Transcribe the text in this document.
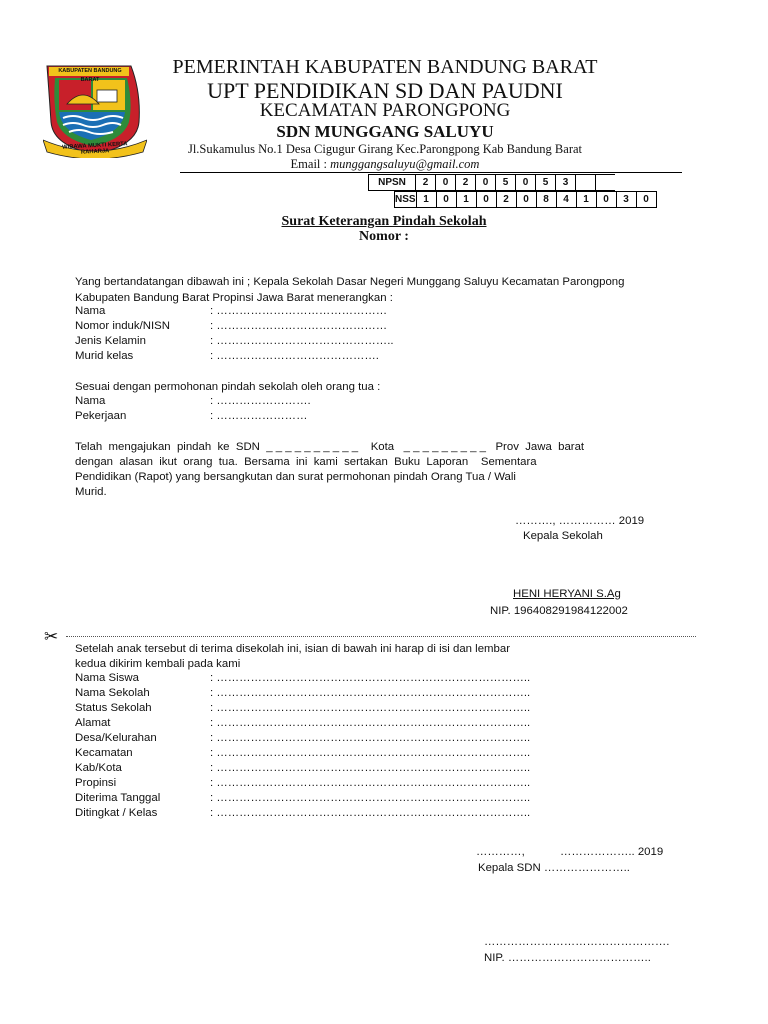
KABUPATEN BANDUNG BARAT
WIBAWA MUKTI KERTA RAHARJA
PEMERINTAH KABUPATEN BANDUNG BARAT
UPT PENDIDIKAN SD DAN PAUDNI
KECAMATAN PARONGPONG
SDN MUNGGANG SALUYU
Jl.Sukamulus No.1 Desa Cigugur Girang Kec.Parongpong Kab Bandung Barat
Email : munggangsaluyu@gmail.com
NPSN	2	0	2	0	5	0	5	3		
NSS	1	0	1	0	2	0	8	4	1	0	3	0
Surat Keterangan Pindah Sekolah
Nomor :
Yang bertandatangan dibawah ini ; Kepala Sekolah Dasar Negeri Munggang Saluyu Kecamatan Parongpong Kabupaten Bandung Barat Propinsi Jawa Barat menerangkan :
Nama	: ………………………………………
Nomor induk/NISN	: ………………………………………
Jenis Kelamin	: ………………………………………..
Murid kelas	: …………………………………….
Sesuai dengan permohonan pindah sekolah oleh orang tua :
Nama	: …………………….
Pekerjaan	: ……………………
Telah  mengajukan  pindah  ke  SDN  _ _ _ _ _ _ _ _ _ _    Kota   _ _ _ _ _ _ _ _ _   Prov  Jawa  barat
dengan  alasan  ikut  orang  tua.  Bersama  ini  kami  sertakan  Buku  Laporan    Sementara
Pendidikan (Rapot) yang bersangkutan dan surat permohonan pindah Orang Tua / Wali
Murid.
………., …………… 2019
Kepala Sekolah
HENI HERYANI S.Ag
NIP. 196408291984122002
✂
Setelah anak tersebut di terima disekolah ini, isian di bawah ini harap di isi dan lembar
kedua dikirim kembali pada kami
Nama Siswa	: ………………………………………………………………………..
Nama Sekolah	: ………………………………………………………………………..
Status Sekolah	: ………………………………………………………………………..
Alamat	: ………………………………………………………………………..
Desa/Kelurahan	: ………………………………………………………………………..
Kecamatan	: ………………………………………………………………………..
Kab/Kota	: ………………………………………………………………………..
Propinsi	: ………………………………………………………………………..
Diterima Tanggal	: ………………………………………………………………………..
Ditingkat / Kelas	: ………………………………………………………………………..
…………,	……………….. 2019
Kepala SDN …………………..
………………………………………….
NIP. ………………………………..
